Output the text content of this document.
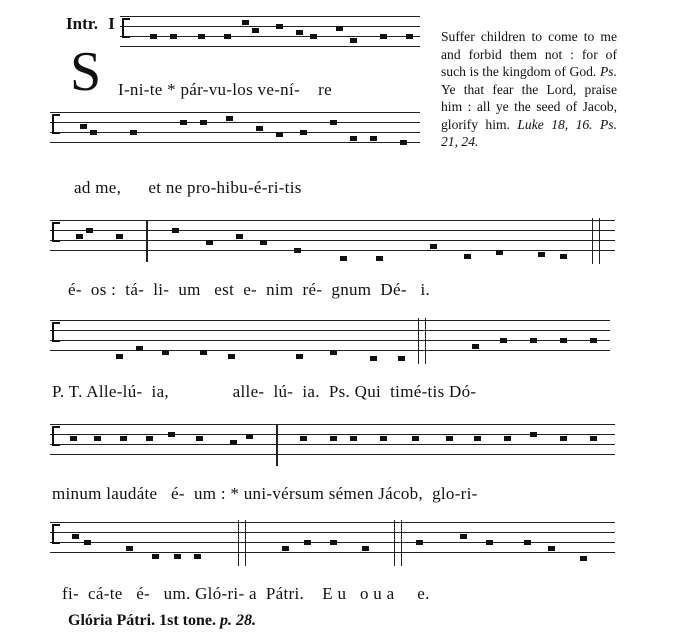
Intr. I
S I-ni-te * pár-vu-los ve-ní-    re
Suffer children to come to me and forbid them not : for of such is the kingdom of God. Ps. Ye that fear the Lord, praise him : all ye the seed of Jacob, glorify him. Luke 18, 16. Ps. 21, 24.
ad me,      et ne pro-hibu-é-ri-tis
é-  os :  tá-  li-  um   est  e-  nim  ré-  gnum  Dé-   i.
P. T. Alle-lú-  ia,              alle-  lú-  ia.  Ps. Qui  timé-tis Dó-
minum laudáte   é-  um : * uni-vérsum sémen Jácob,  glo-ri-
fi-  cá-te   é-   um. Gló-ri- a  Pátri.    E u   o u a     e.
Glória Pátri. 1st tone. p. 28.
